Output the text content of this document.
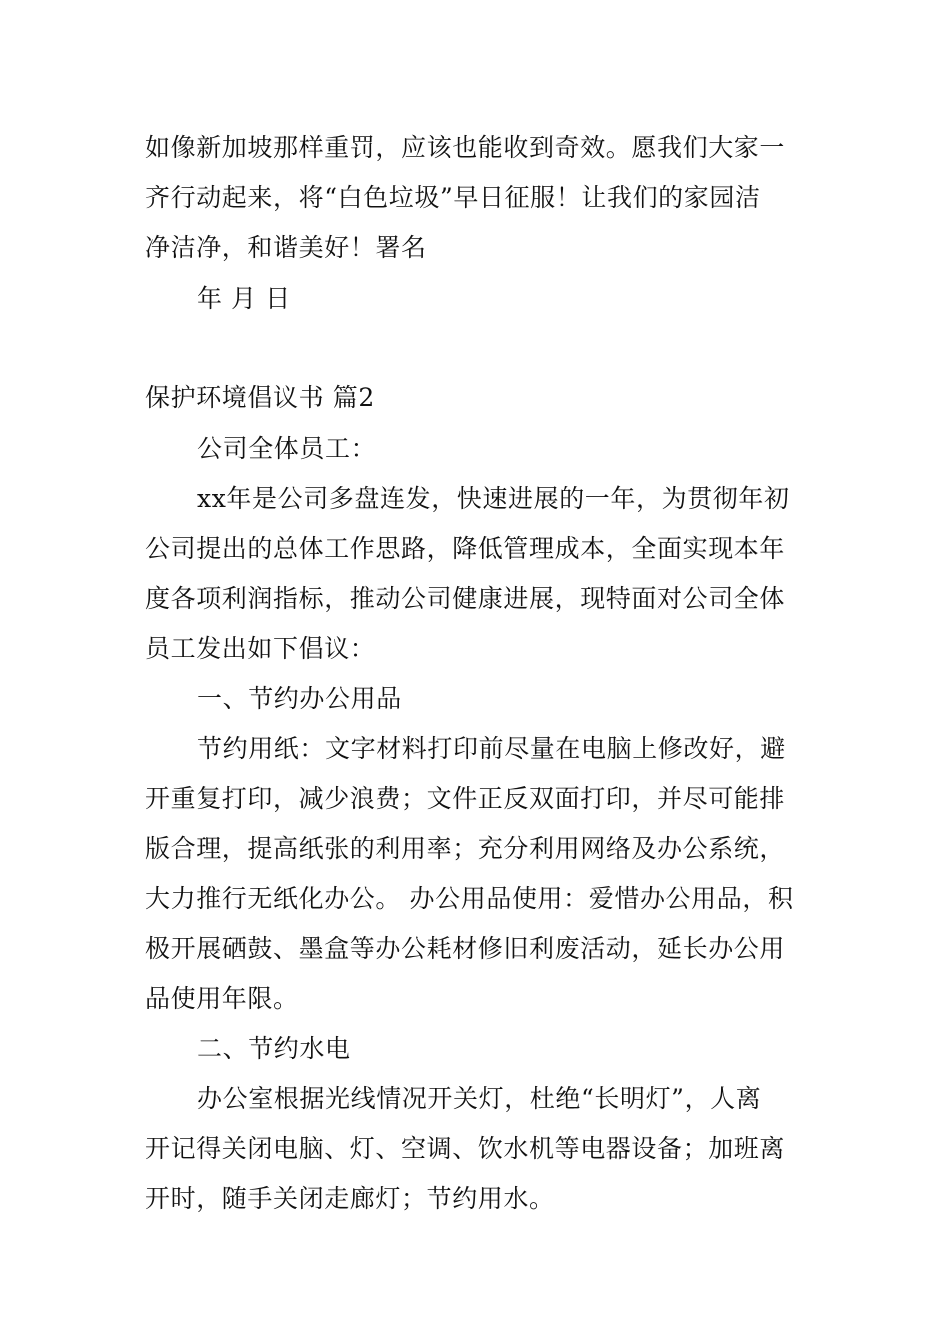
如像新加坡那样重罚，应该也能收到奇效。愿我们大家一
齐行动起来，将“白色垃圾”早日征服！让我们的家园洁
净洁净，和谐美好！署名
年 月 日
保护环境倡议书 篇2
公司全体员工：
xx年是公司多盘连发，快速进展的一年，为贯彻年初
公司提出的总体工作思路，降低管理成本，全面实现本年
度各项利润指标，推动公司健康进展，现特面对公司全体
员工发出如下倡议：
一、节约办公用品
节约用纸：文字材料打印前尽量在电脑上修改好，避
开重复打印，减少浪费；文件正反双面打印，并尽可能排
版合理，提高纸张的利用率；充分利用网络及办公系统，
大力推行无纸化办公。 办公用品使用：爱惜办公用品，积
极开展硒鼓、墨盒等办公耗材修旧利废活动，延长办公用
品使用年限。
二、节约水电
办公室根据光线情况开关灯，杜绝“长明灯”，人离
开记得关闭电脑、灯、空调、饮水机等电器设备；加班离
开时，随手关闭走廊灯；节约用水。
